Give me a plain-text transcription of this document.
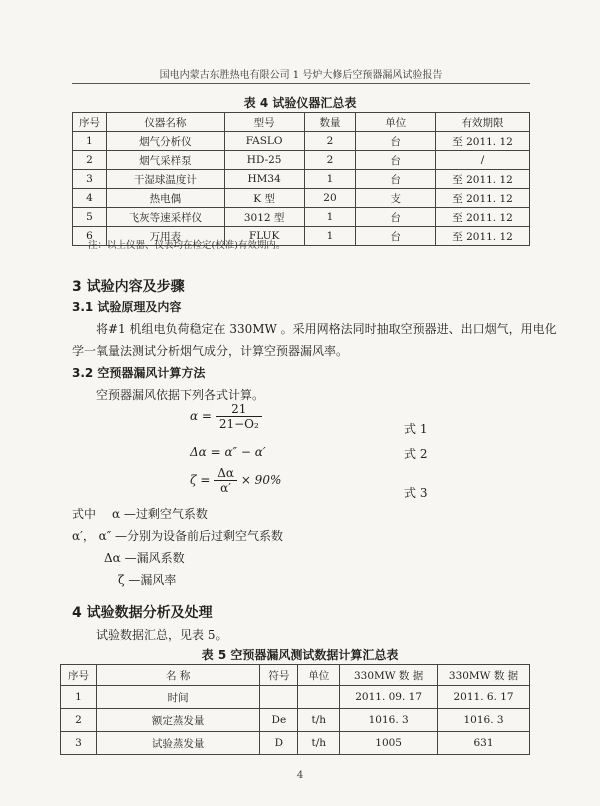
国电内蒙古东胜热电有限公司 1 号炉大修后空预器漏风试验报告
表 4 试验仪器汇总表
序号	仪器名称	型号	数量	单位	有效期限
1	烟气分析仪	FASLO	2	台	至 2011. 12
2	烟气采样泵	HD-25	2	台	/
3	干湿球温度计	HM34	1	台	至 2011. 12
4	热电偶	K 型	20	支	至 2011. 12
5	飞灰等速采样仪	3012 型	1	台	至 2011. 12
6	万用表	FLUK	1	台	至 2011. 12
注：以上仪器、仪表均在检定(校准)有效期内。
3 试验内容及步骤
3.1 试验原理及内容
将#1 机组电负荷稳定在 330MW 。采用网格法同时抽取空预器进、出口烟气，用电化
学一氧量法测试分析烟气成分，计算空预器漏风率。
3.2 空预器漏风计算方法
空预器漏风依据下列各式计算。
$\alpha = \frac{21}{\text{21−O₂}}$	式 1
Δα = α″ − α′	式 2
$\zeta = \frac{\Delta\alpha}{\alpha'} \times 90\%$
式 3
式中 α —过剩空气系数
α′， α″ —分别为设备前后过剩空气系数
Δα —漏风系数
ζ —漏风率
4 试验数据分析及处理
试验数据汇总，见表 5。
表 5 空预器漏风测试数据计算汇总表
序号	名 称	符号	单位	330MW 数 据	330MW 数 据
1	时间			2011. 09. 17	2011. 6. 17
2	额定蒸发量	De	t/h	1016. 3	1016. 3
3	试验蒸发量	D	t/h	1005	631
4
